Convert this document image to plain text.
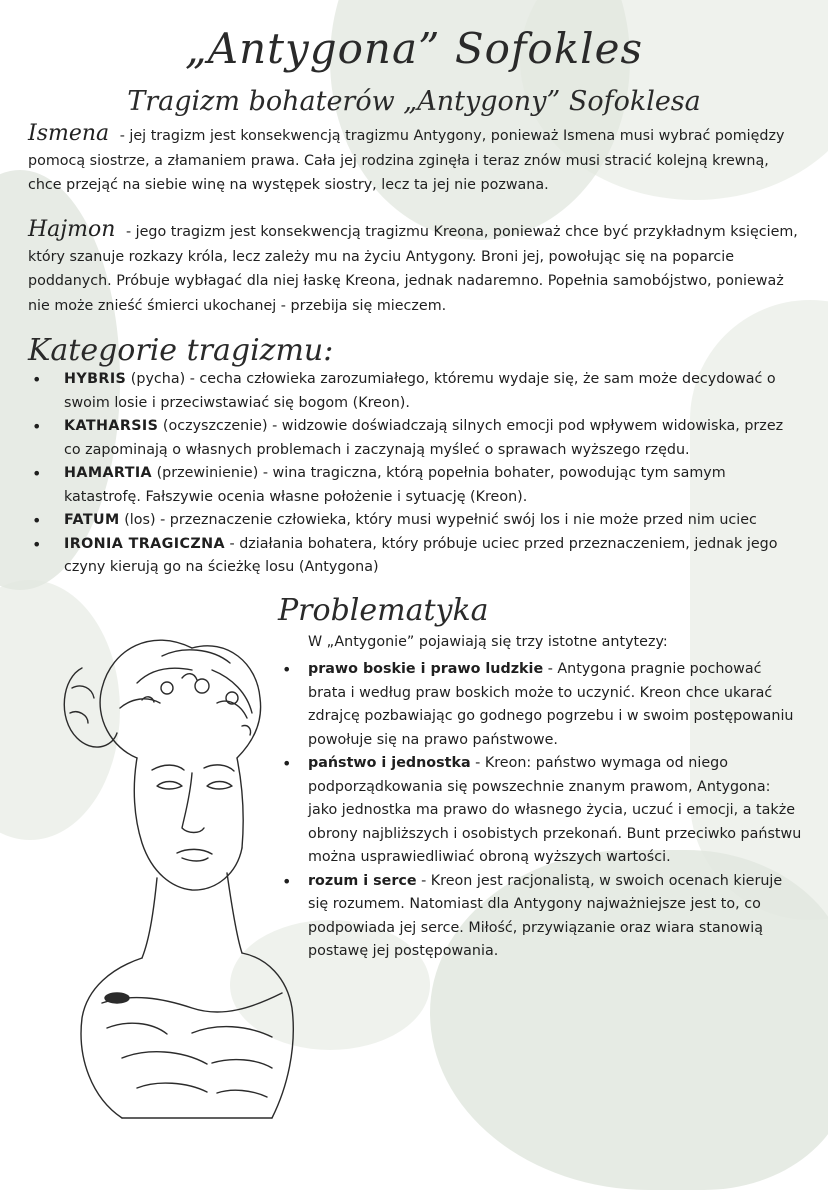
„Antygona” Sofokles
Tragizm bohaterów „Antygony” Sofoklesa

Ismena - jej tragizm jest konsekwencją tragizmu Antygony, ponieważ Ismena musi wybrać pomiędzy pomocą siostrze, a złamaniem prawa. Cała jej rodzina zginęła i teraz znów musi stracić kolejną krewną, chce przejąć na siebie winę na występek siostry, lecz ta jej nie pozwana.

Hajmon - jego tragizm jest konsekwencją tragizmu Kreona, ponieważ chce być przykładnym księciem, który szanuje rozkazy króla, lecz zależy mu na życiu Antygony. Broni jej, powołując się na poparcie poddanych. Próbuje wybłagać dla niej łaskę Kreona, jednak nadaremno. Popełnia samobójstwo, ponieważ nie może znieść śmierci ukochanej - przebija się mieczem.

Kategorie tragizmu:
• HYBRIS (pycha) - cecha człowieka zarozumiałego, któremu wydaje się, że sam może decydować o swoim losie i przeciwstawiać się bogom (Kreon).
• KATHARSIS (oczyszczenie) - widzowie doświadczają silnych emocji pod wpływem widowiska, przez co zapominają o własnych problemach i zaczynają myśleć o sprawach wyższego rzędu.
• HAMARTIA (przewinienie) - wina tragiczna, którą popełnia bohater, powodując tym samym katastrofę. Fałszywie ocenia własne położenie i sytuację (Kreon).
• FATUM (los) - przeznaczenie człowieka, który musi wypełnić swój los i nie może przed nim uciec
• IRONIA TRAGICZNA - działania bohatera, który próbuje uciec przed przeznaczeniem, jednak jego czyny kierują go na ścieżkę losu (Antygona)
Problematyka
W „Antygonie” pojawiają się trzy istotne antytezy:
• prawo boskie i prawo ludzkie - Antygona pragnie pochować brata i według praw boskich może to uczynić. Kreon chce ukarać zdrajcę pozbawiając go godnego pogrzebu i w swoim postępowaniu powołuje się na prawo państwowe.
• państwo i jednostka - Kreon: państwo wymaga od niego podporządkowania się powszechnie znanym prawom, Antygona: jako jednostka ma prawo do własnego życia, uczuć i emocji, a także obrony najbliższych i osobistych przekonań. Bunt przeciwko państwu można usprawiedliwiać obroną wyższych wartości.
• rozum i serce - Kreon jest racjonalistą, w swoich ocenach kieruje się rozumem. Natomiast dla Antygony najważniejsze jest to, co podpowiada jej serce. Miłość, przywiązanie oraz wiara stanowią postawę jej postępowania.
